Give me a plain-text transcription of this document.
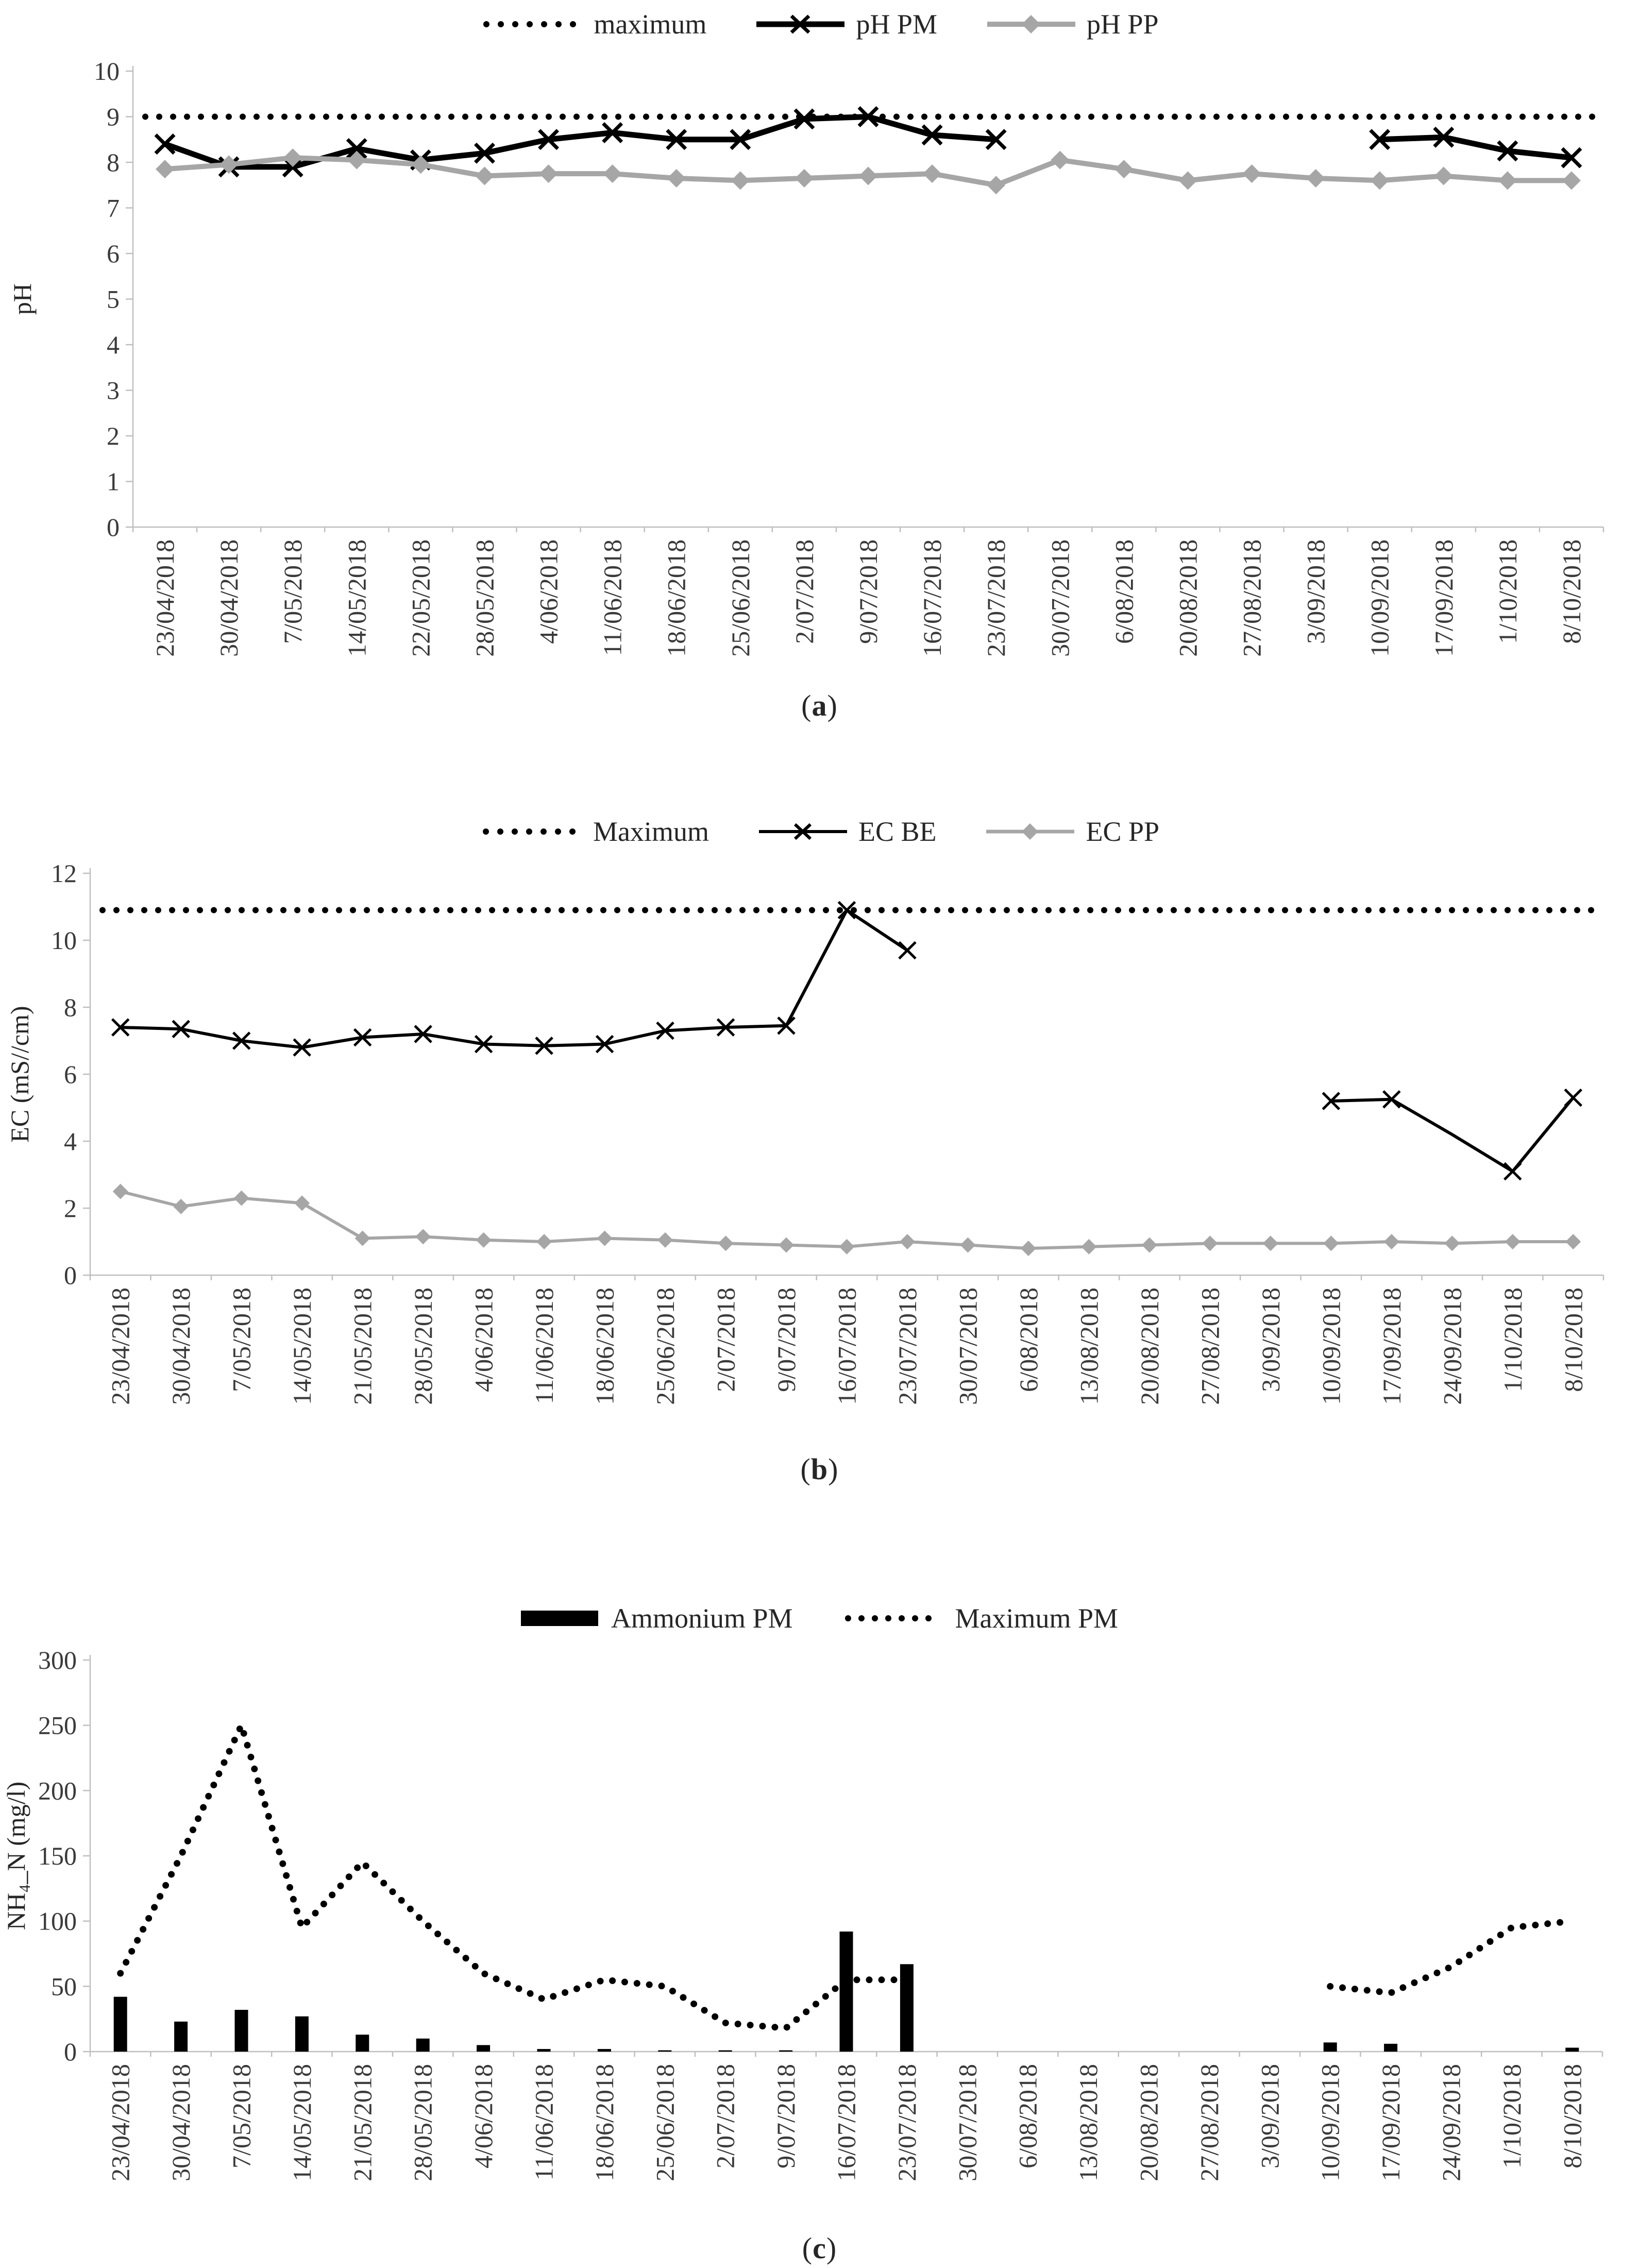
maximum	pH PM	pH PP
0
1
2
3
4
5
6
7
8
9
10
23/04/2018 30/04/2018 7/05/2018 14/05/2018 22/05/2018 28/05/2018 4/06/2018 11/06/2018 18/06/2018 25/06/2018 2/07/2018 9/07/2018 16/07/2018 23/07/2018 30/07/2018 6/08/2018 20/08/2018 27/08/2018 3/09/2018 10/09/2018 17/09/2018 1/10/2018 8/10/2018
pH
(a)
Maximum	EC BE	EC PP
0
2
4
6
8
10
12
23/04/2018 30/04/2018 7/05/2018 14/05/2018 21/05/2018 28/05/2018 4/06/2018 11/06/2018 18/06/2018 25/06/2018 2/07/2018 9/07/2018 16/07/2018 23/07/2018 30/07/2018 6/08/2018 13/08/2018 20/08/2018 27/08/2018 3/09/2018 10/09/2018 17/09/2018 24/09/2018 1/10/2018 8/10/2018
EC (mS//cm)
(b)
Ammonium PM	Maximum PM
0
50
100
150
200
250
300
23/04/2018 30/04/2018 7/05/2018 14/05/2018 21/05/2018 28/05/2018 4/06/2018 11/06/2018 18/06/2018 25/06/2018 2/07/2018 9/07/2018 16/07/2018 23/07/2018 30/07/2018 6/08/2018 13/08/2018 20/08/2018 27/08/2018 3/09/2018 10/09/2018 17/09/2018 24/09/2018 1/10/2018 8/10/2018
NH₄_N (mg/l)
(c)
